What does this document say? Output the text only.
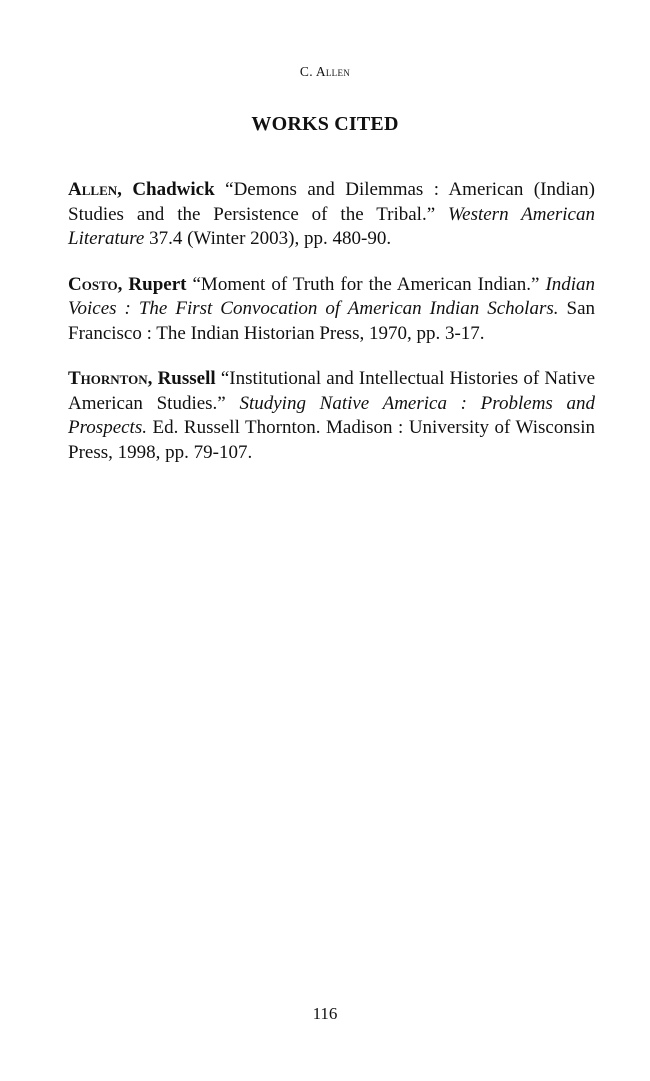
C. Allen
WORKS CITED

Allen, Chadwick “Demons and Dilemmas : American (Indian) Studies and the Persistence of the Tribal.” Western American Literature 37.4 (Winter 2003), pp. 480-90.

Costo, Rupert “Moment of Truth for the American Indian.” Indian Voices : The First Convocation of American Indian Scholars. San Francisco : The Indian Historian Press, 1970, pp. 3-17.

Thornton, Russell “Institutional and Intellectual Histories of Native American Studies.” Studying Native America : Problems and Prospects. Ed. Russell Thornton. Madison : University of Wisconsin Press, 1998, pp. 79-107.

116
